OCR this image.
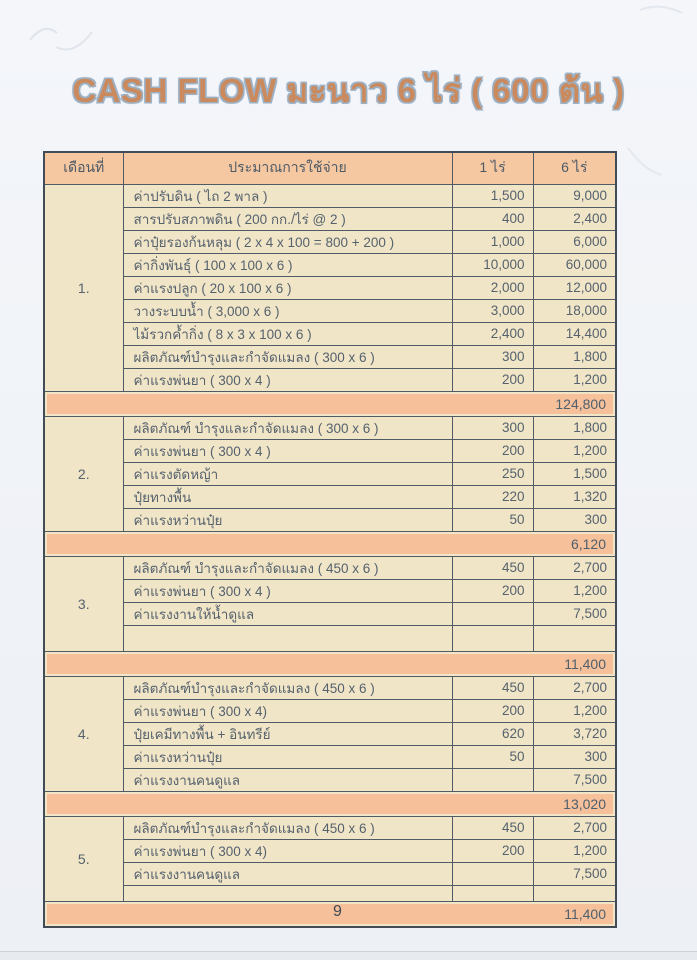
CASH FLOW มะนาว 6 ไร่ ( 600 ต้น )
เดือนที่	ประมาณการใช้จ่าย	1 ไร่	6 ไร่
1.	ค่าปรับดิน ( ไถ 2 พาล )	1,500	9,000
	สารปรับสภาพดิน ( 200 กก./ไร่ @ 2 )	400	2,400
	ค่าปุ๋ยรองก้นหลุม ( 2 x 4 x 100 = 800 + 200 )	1,000	6,000
	ค่ากิ่งพันธุ์ ( 100 x 100 x 6 )	10,000	60,000
	ค่าแรงปลูก ( 20 x 100 x 6 )	2,000	12,000
	วางระบบน้ำ ( 3,000 x 6 )	3,000	18,000
	ไม้รวกค้ำกิ่ง ( 8 x 3 x 100 x 6 )	2,400	14,400
	ผลิตภัณฑ์บำรุงและกำจัดแมลง ( 300 x 6 )	300	1,800
	ค่าแรงพ่นยา ( 300 x 4 )	200	1,200

124,800			

2.	ผลิตภัณฑ์ บำรุงและกำจัดแมลง ( 300 x 6 )	300	1,800
	ค่าแรงพ่นยา ( 300 x 4 )	200	1,200
	ค่าแรงตัดหญ้า	250	1,500
	ปุ๋ยทางพื้น	220	1,320
	ค่าแรงหว่านปุ๋ย	50	300

6,120			

3.	ผลิตภัณฑ์ บำรุงและกำจัดแมลง ( 450 x 6 )	450	2,700
	ค่าแรงพ่นยา ( 300 x 4 )	200	1,200
	ค่าแรงงานให้น้ำดูแล		7,500

11,400			

4.	ผลิตภัณฑ์บำรุงและกำจัดแมลง ( 450 x 6 )	450	2,700
	ค่าแรงพ่นยา ( 300 x 4)	200	1,200
	ปุ๋ยเคมีทางพื้น + อินทรีย์	620	3,720
	ค่าแรงหว่านปุ๋ย	50	300
	ค่าแรงงานคนดูแล		7,500

13,020			

5.	ผลิตภัณฑ์บำรุงและกำจัดแมลง ( 450 x 6 )	450	2,700
	ค่าแรงพ่นยา ( 300 x 4)	200	1,200
	ค่าแรงงานคนดูแล		7,500

11,400			
9
